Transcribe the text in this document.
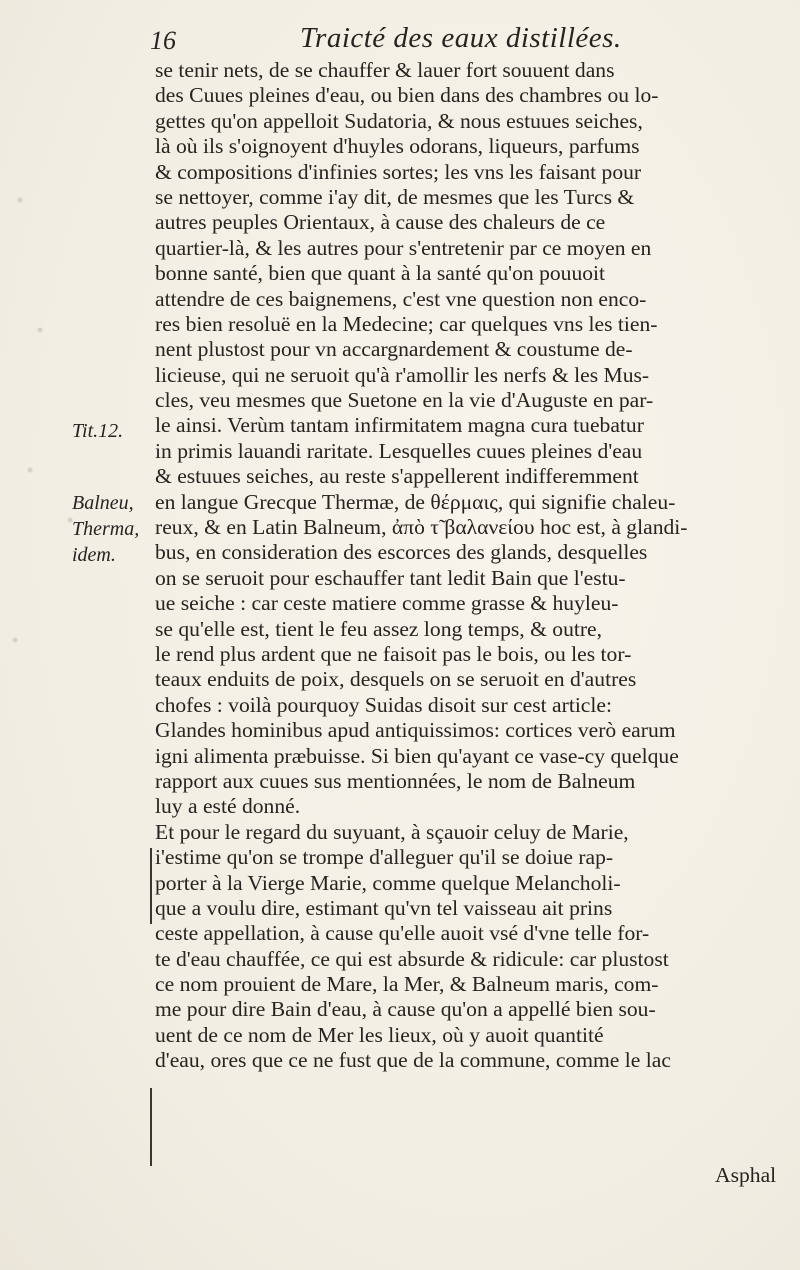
16	Traicté des eaux distillées.
se tenir nets, de se chauffer & lauer fort souuent dans
des Cuues pleines d'eau, ou bien dans des chambres ou lo-
gettes qu'on appelloit Sudatoria, & nous estuues seiches,
là où ils s'oignoyent d'huyles odorans, liqueurs, parfums
& compositions d'infinies sortes; les vns les faisant pour
se nettoyer, comme i'ay dit, de mesmes que les Turcs &
autres peuples Orientaux, à cause des chaleurs de ce
quartier-là, & les autres pour s'entretenir par ce moyen en
bonne santé, bien que quant à la santé qu'on pouuoit
attendre de ces baignemens, c'est vne question non enco-
res bien resoluë en la Medecine; car quelques vns les tien-
nent plustost pour vn accargnardement & coustume de-
licieuse, qui ne seruoit qu'à r'amollir les nerfs & les Mus-
cles, veu mesmes que Suetone en la vie d'Auguste en par-
le ainsi. Verùm tantam infirmitatem magna cura tuebatur
in primis lauandi raritate. Lesquelles cuues pleines d'eau
& estuues seiches, au reste s'appellerent indifferemment
en langue Grecque Thermæ, de θέρμαις, qui signifie chaleu-
reux, & en Latin Balneum, ἀπὸ τ̃ βαλανείου hoc est, à glandi-
bus, en consideration des escorces des glands, desquelles
on se seruoit pour eschauffer tant ledit Bain que l'estu-
ue seiche : car ceste matiere comme grasse & huyleu-
se qu'elle est, tient le feu assez long temps, & outre,
le rend plus ardent que ne faisoit pas le bois, ou les tor-
teaux enduits de poix, desquels on se seruoit en d'autres
chofes : voilà pourquoy Suidas disoit sur cest article:
Glandes hominibus apud antiquissimos: cortices verò earum
igni alimenta præbuisse. Si bien qu'ayant ce vase-cy quelque
rapport aux cuues sus mentionnées, le nom de Balneum
luy a esté donné.
Et pour le regard du suyuant, à sçauoir celuy de Marie,
i'estime qu'on se trompe d'alleguer qu'il se doiue rap-
porter à la Vierge Marie, comme quelque Melancholi-
que a voulu dire, estimant qu'vn tel vaisseau ait prins
ceste appellation, à cause qu'elle auoit vsé d'vne telle for-
te d'eau chauffée, ce qui est absurde & ridicule: car plustost
ce nom prouient de Mare, la Mer, & Balneum maris, com-
me pour dire Bain d'eau, à cause qu'on a appellé bien sou-
uent de ce nom de Mer les lieux, où y auoit quantité
d'eau, ores que ce ne fust que de la commune, comme le lac
Tit.12.
Balneu,
Therma,
idem.
Asphal
